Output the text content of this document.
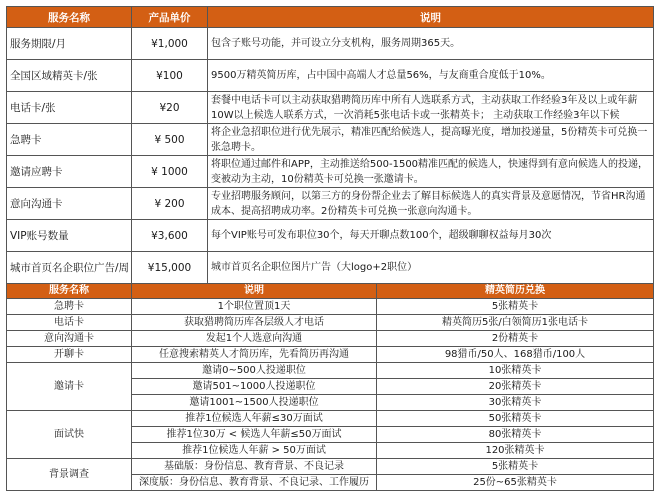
服务名称	产品单价	说明
服务期限/月	¥1,000	包含子账号功能，并可设立分支机构，服务周期365天。
全国区域精英卡/张	¥100	9500万精英简历库，占中国中高端人才总量56%，与友商重合度低于10%。
电话卡/张	¥20	套餐中电话卡可以主动获取猎聘简历库中所有人选联系方式，主动获取工作经验3年及以上或年薪10W以上候选人联系方式，一次消耗5张电话卡或一张精英卡； 主动获取工作经验3年以下候

急聘卡	¥ 500	将企业急招职位进行优先展示，精准匹配给候选人，提高曝光度，增加投递量，5份精英卡可兑换一张急聘卡。
邀请应聘卡	¥ 1000	将职位通过邮件和APP，主动推送给500-1500精准匹配的候选人，快速得到有意向候选人的投递，变被动为主动，10份精英卡可兑换一张邀请卡。
意向沟通卡	¥ 200	专业招聘服务顾问，以第三方的身份帮企业去了解目标候选人的真实背景及意愿情况，节省HR沟通成本、提高招聘成功率。2份精英卡可兑换一张意向沟通卡。
VIP账号数量	¥3,600	每个VIP账号可发布职位30个，每天开聊点数100个，超级聊聊权益每月30次
城市首页名企职位广告/周	¥15,000	城市首页名企职位图片广告（大logo+2职位）
服务名称	说明	精英简历兑换
急聘卡	1个职位置顶1天	5张精英卡
电话卡	获取猎聘简历库各层级人才电话	精英简历5张/白领简历1张电话卡
意向沟通卡	发起1个人选意向沟通	2份精英卡
开聊卡	任意搜索精英人才简历库，先看简历再沟通	98猎币/50人、168猎币/100人
邀请卡	邀请0~500人投递职位	10张精英卡
	邀请501~1000人投递职位	20张精英卡
	邀请1001~1500人投递职位	30张精英卡
面试快	推荐1位候选人年薪≤30万面试	50张精英卡
	推荐1位30万 < 候选人年薪≤50万面试	80张精英卡
	推荐1位候选人年薪 > 50万面试	120张精英卡
背景调查	基础版：身份信息、教育背景、不良记录	5张精英卡
	深度版：身份信息、教育背景、不良记录、工作履历	25份~65张精英卡
